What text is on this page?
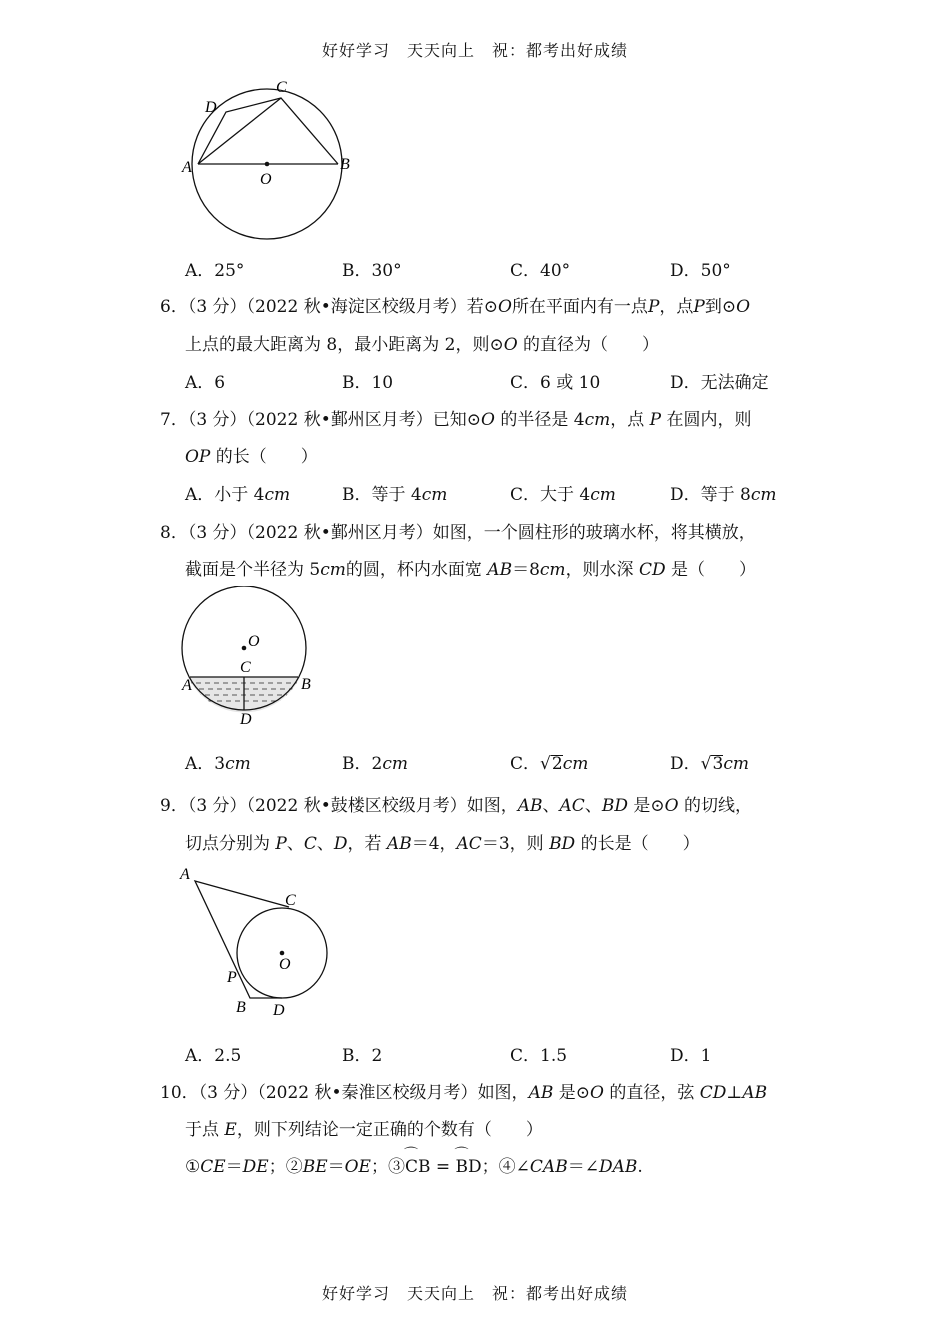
好好学习　天天向上　祝：都考出好成绩
A	B
C
D
O
A．25°	B．30°	C．40°	D．50°
6．（3 分）（2022 秋•海淀区校级月考）若⊙O所在平面内有一点P，点P到⊙O
上点的最大距离为 8，最小距离为 2，则⊙O 的直径为（　　）
A．6	B．10	C．6 或 10	D．无法确定
7．（3 分）（2022 秋•鄞州区月考）已知⊙O 的半径是 4cm，点 P 在圆内，则
OP 的长（　　）
A．小于 4cm	B．等于 4cm	C．大于 4cm	D．等于 8cm
8．（3 分）（2022 秋•鄞州区月考）如图，一个圆柱形的玻璃水杯，将其横放，
截面是个半径为 5cm的圆，杯内水面宽 AB＝8cm，则水深 CD 是（　　）
O
C
A	B
D
A．3cm	B．2cm	C．√2cm	D．√3cm
9．（3 分）（2022 秋•鼓楼区校级月考）如图，AB、AC、BD 是⊙O 的切线，
切点分别为 P、C、D，若 AB＝4，AC＝3，则 BD 的长是（　　）
A
C
O
P
B D
A．2.5	B．2	C．1.5	D．1
10．（3 分）（2022 秋•秦淮区校级月考）如图，AB 是⊙O 的直径，弦 CD⊥AB
于点 E，则下列结论一定正确的个数有（　　）
①CE＝DE；②BE＝OE；③⌒ CB = ⌒ BD；④∠CAB＝∠DAB.
好好学习　天天向上　祝：都考出好成绩
